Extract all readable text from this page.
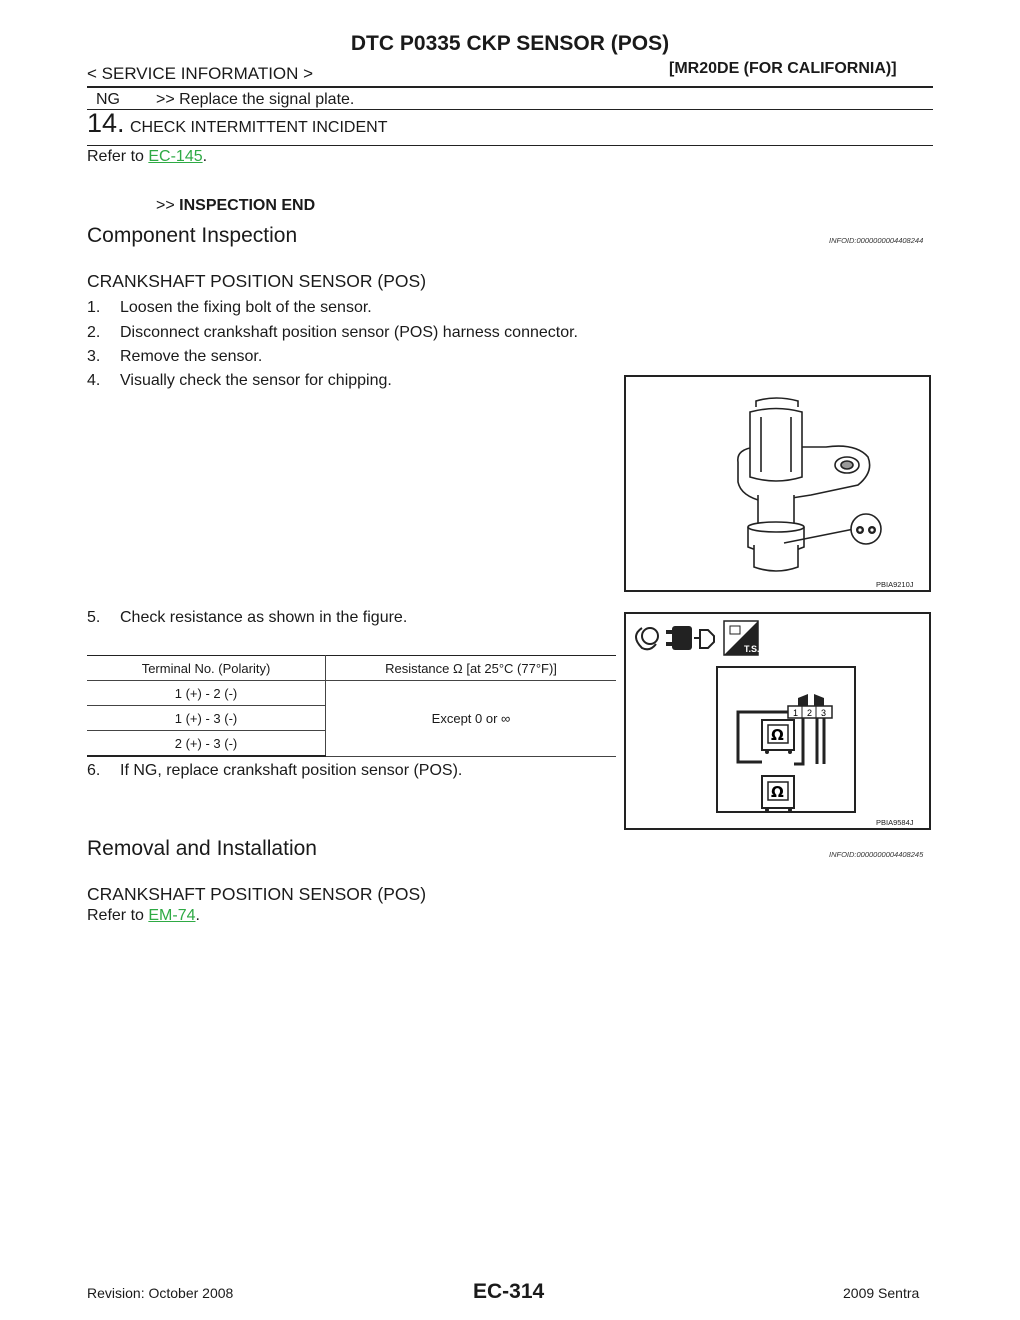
DTC P0335 CKP SENSOR (POS)
< SERVICE INFORMATION >	[MR20DE (FOR CALIFORNIA)]
NG >> Replace the signal plate.
14. CHECK INTERMITTENT INCIDENT
Refer to EC-145.
>> INSPECTION END
Component Inspection	INFOID:0000000004408244
CRANKSHAFT POSITION SENSOR (POS)
1. Loosen the fixing bolt of the sensor.
2. Disconnect crankshaft position sensor (POS) harness connector.
3. Remove the sensor.
4. Visually check the sensor for chipping.
PBIA9210J
5. Check resistance as shown in the figure.
Terminal No. (Polarity)	Resistance Ω [at 25°C (77°F)]
1 (+) - 2 (-)	Except 0 or ∞
1 (+) - 3 (-)	
2 (+) - 3 (-)	
6. If NG, replace crankshaft position sensor (POS).
T.S.
1 2 3
Ω
Ω
PBIA9584J
Removal and Installation	INFOID:0000000004408245
CRANKSHAFT POSITION SENSOR (POS)
Refer to EM-74.
Revision: October 2008	EC-314	2009 Sentra
